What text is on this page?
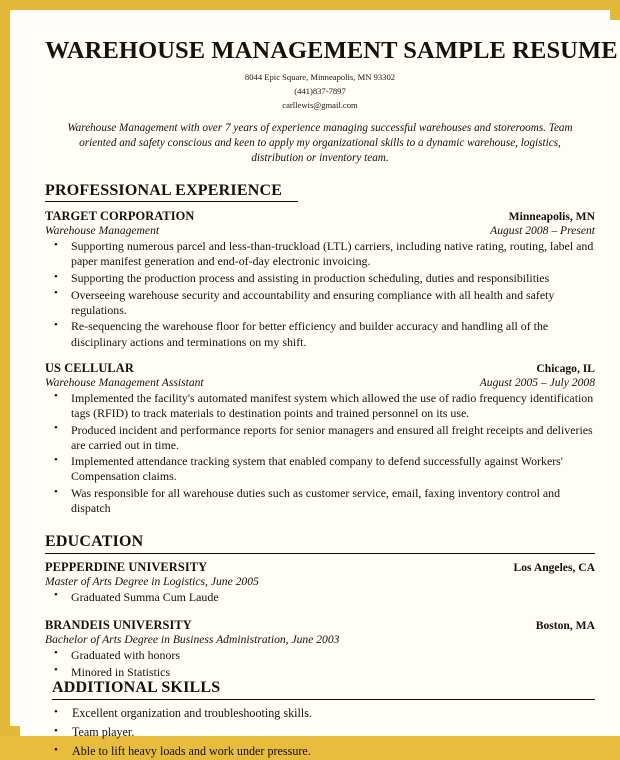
WAREHOUSE MANAGEMENT SAMPLE RESUME
8044 Epic Square, Minneapolis, MN 93302
(441)837-7897
carllewis@gmail.com
Warehouse Management with over 7 years of experience managing successful warehouses and storerooms. Team oriented and safety conscious and keen to apply my organizational skills to a dynamic warehouse, logistics, distribution or inventory team.
PROFESSIONAL EXPERIENCE
TARGET CORPORATION	Minneapolis, MN
Warehouse Management	August 2008 – Present
• Supporting numerous parcel and less-than-truckload (LTL) carriers, including native rating, routing, label and paper manifest generation and end-of-day electronic invoicing.
• Supporting the production process and assisting in production scheduling, duties and responsibilities
• Overseeing warehouse security and accountability and ensuring compliance with all health and safety regulations.
• Re-sequencing the warehouse floor for better efficiency and builder accuracy and handling all of the disciplinary actions and terminations on my shift.
US CELLULAR	Chicago, IL
Warehouse Management Assistant	August 2005 – July 2008
• Implemented the facility's automated manifest system which allowed the use of radio frequency identification tags (RFID) to track materials to destination points and trained personnel on its use.
• Produced incident and performance reports for senior managers and ensured all freight receipts and deliveries are carried out in time.
• Implemented attendance tracking system that enabled company to defend successfully against Workers' Compensation claims.
• Was responsible for all warehouse duties such as customer service, email, faxing inventory control and dispatch
EDUCATION
PEPPERDINE UNIVERSITY	Los Angeles, CA
Master of Arts Degree in Logistics, June 2005
• Graduated Summa Cum Laude
BRANDEIS UNIVERSITY	Boston, MA
Bachelor of Arts Degree in Business Administration, June 2003
• Graduated with honors
• Minored in Statistics
ADDITIONAL SKILLS
• Excellent organization and troubleshooting skills.
• Team player.
• Able to lift heavy loads and work under pressure.
